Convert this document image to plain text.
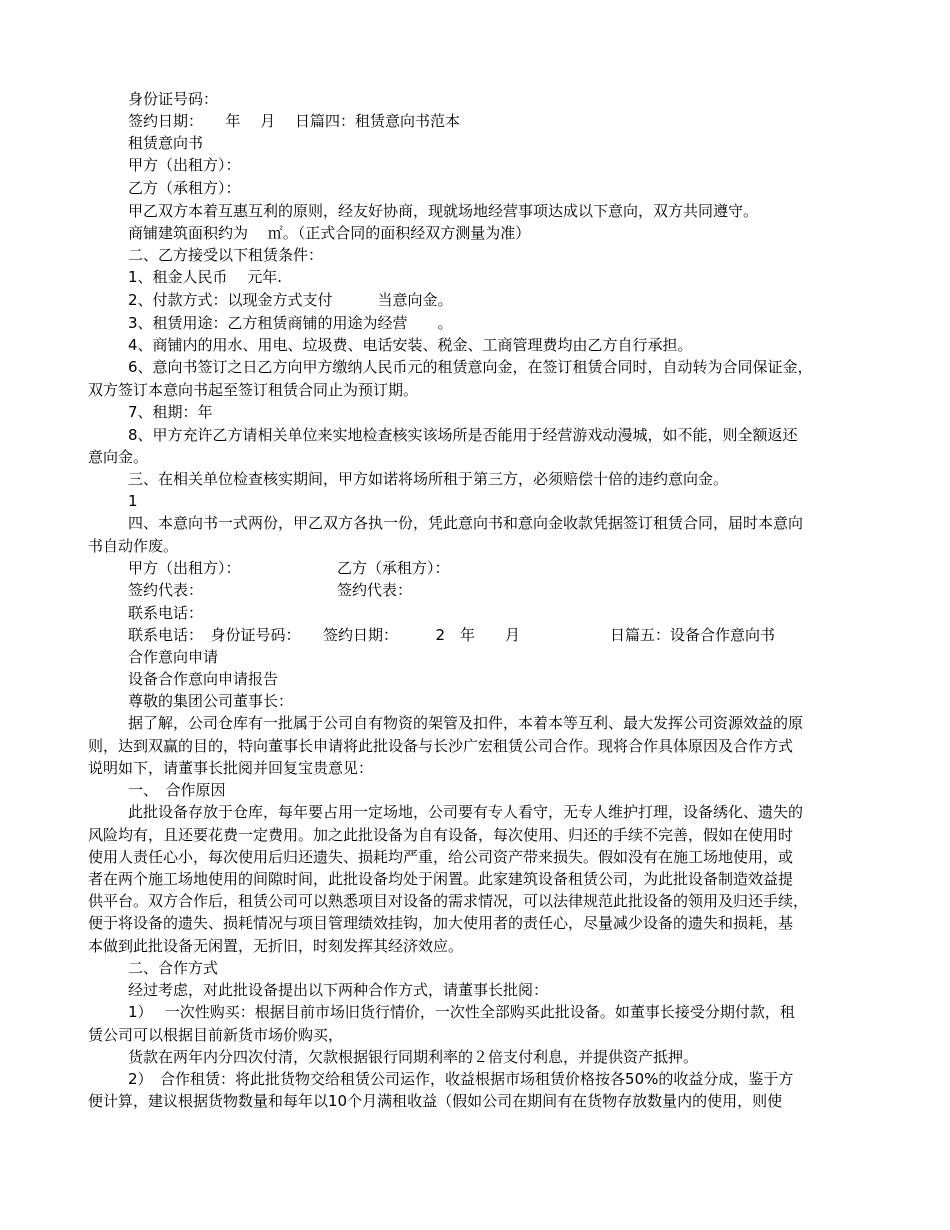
身份证号码：
签约日期：　　年　 月　 日篇四：租赁意向书范本
租赁意向书
甲方（出租方）：
乙方（承租方）：
甲乙双方本着互惠互利的原则，经友好协商，现就场地经营事项达成以下意向，双方共同遵守。
商铺建筑面积约为　 ㎡。（正式合同的面积经双方测量为准）
二、乙方接受以下租赁条件：
1、租金人民币　 元年.
2、付款方式：以现金方式支付　　　当意向金。
3、租赁用途：乙方租赁商铺的用途为经营　　。
4、商铺内的用水、用电、垃圾费、电话安装、税金、工商管理费均由乙方自行承担。
6、意向书签订之日乙方向甲方缴纳人民币元的租赁意向金，在签订租赁合同时，自动转为合同保证金，
双方签订本意向书起至签订租赁合同止为预订期。
7、租期：年
8、甲方充许乙方请相关单位来实地检查核实该场所是否能用于经营游戏动漫城，如不能，则全额返还
意向金。
三、在相关单位检查核实期间，甲方如诺将场所租于第三方，必须赔偿十倍的违约意向金。
1
四、本意向书一式两份，甲乙双方各执一份，凭此意向书和意向金收款凭据签订租赁合同，届时本意向
书自动作废。
甲方（出租方）：	乙方（承租方）：
签约代表：	签约代表：
联系电话：
联系电话：　身份证号码：　　签约日期：　　　2　年　　月　　　　　　日篇五：设备合作意向书
合作意向申请
设备合作意向申请报告
尊敬的集团公司董事长：
据了解，公司仓库有一批属于公司自有物资的架管及扣件，本着本等互利、最大发挥公司资源效益的原
则，达到双赢的目的，特向董事长申请将此批设备与长沙广宏租赁公司合作。现将合作具体原因及合作方式
说明如下，请董事长批阅并回复宝贵意见：
一、　合作原因
此批设备存放于仓库，每年要占用一定场地，公司要有专人看守，无专人维护打理，设备绣化、遗失的
风险均有，且还要花费一定费用。加之此批设备为自有设备，每次使用、归还的手续不完善，假如在使用时
使用人责任心小，每次使用后归还遗失、损耗均严重，给公司资产带来损失。假如没有在施工场地使用，或
者在两个施工场地使用的间隙时间，此批设备均处于闲置。此家建筑设备租赁公司，为此批设备制造效益提
供平台。双方合作后，租赁公司可以熟悉项目对设备的需求情况，可以法律规范此批设备的领用及归还手续，
便于将设备的遗失、损耗情况与项目管理绩效挂钩，加大使用者的责任心，尽量减少设备的遗失和损耗，基
本做到此批设备无闲置，无折旧，时刻发挥其经济效应。
二、合作方式
经过考虑，对此批设备提出以下两种合作方式，请董事长批阅：
1）　 一次性购买：根据目前市场旧货行情价，一次性全部购买此批设备。如董事长接受分期付款，租
赁公司可以根据目前新货市场价购买，
货款在两年内分四次付清，欠款根据银行同期利率的２倍支付利息，并提供资产抵押。
2）　合作租赁：将此批货物交给租赁公司运作，收益根据市场租赁价格按各50%的收益分成，鉴于方
便计算，建议根据货物数量和每年以10个月满租收益（假如公司在期间有在货物存放数量内的使用，则使
